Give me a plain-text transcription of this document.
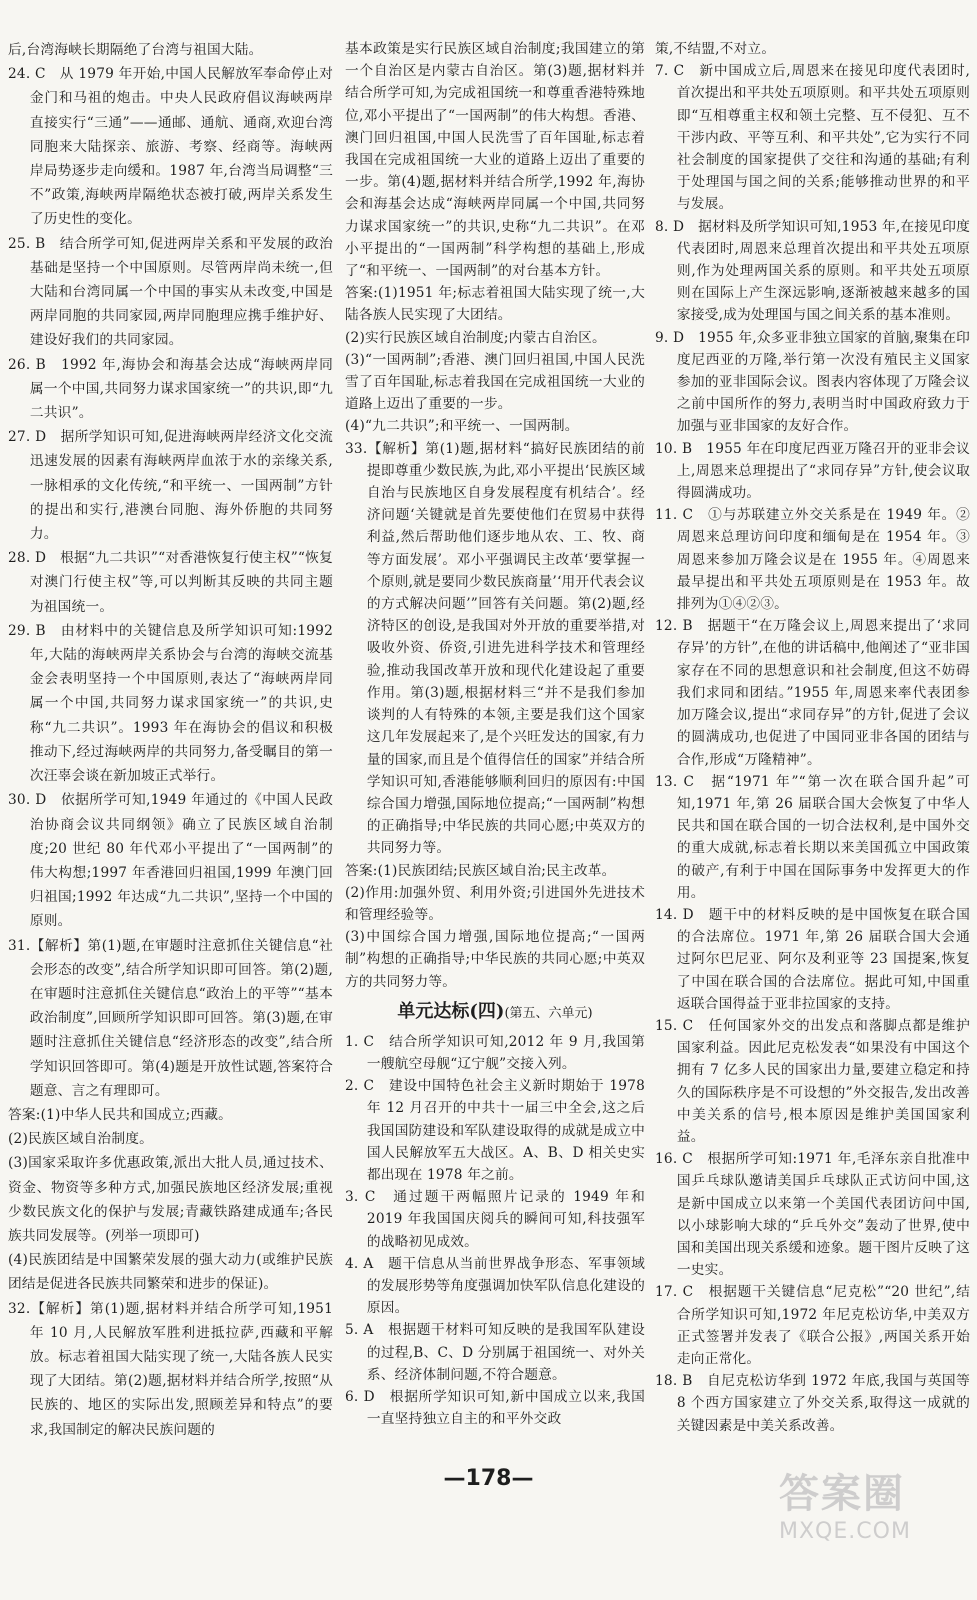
后,台湾海峡长期隔绝了台湾与祖国大陆。

24. C　从 1979 年开始,中国人民解放军奉命停止对金门和马祖的炮击。中央人民政府倡议海峡两岸直接实行“三通”——通邮、通航、通商,欢迎台湾同胞来大陆探亲、旅游、考察、经商等。海峡两岸局势逐步走向缓和。1987 年,台湾当局调整“三不”政策,海峡两岸隔绝状态被打破,两岸关系发生了历史性的变化。

25. B　结合所学可知,促进两岸关系和平发展的政治基础是坚持一个中国原则。尽管两岸尚未统一,但大陆和台湾同属一个中国的事实从未改变,中国是两岸同胞的共同家园,两岸同胞理应携手维护好、建设好我们的共同家园。

26. B　1992 年,海协会和海基会达成“海峡两岸同属一个中国,共同努力谋求国家统一”的共识,即“九二共识”。

27. D　据所学知识可知,促进海峡两岸经济文化交流迅速发展的因素有海峡两岸血浓于水的亲缘关系,一脉相承的文化传统,“和平统一、一国两制”方针的提出和实行,港澳台同胞、海外侨胞的共同努力。

28. D　根据“九二共识”“对香港恢复行使主权”“恢复对澳门行使主权”等,可以判断其反映的共同主题为祖国统一。

29. B　由材料中的关键信息及所学知识可知:1992 年,大陆的海峡两岸关系协会与台湾的海峡交流基金会表明坚持一个中国原则,表达了“海峡两岸同属一个中国,共同努力谋求国家统一”的共识,史称“九二共识”。1993 年在海协会的倡议和积极推动下,经过海峡两岸的共同努力,备受瞩目的第一次汪辜会谈在新加坡正式举行。

30. D　依据所学可知,1949 年通过的《中国人民政治协商会议共同纲领》确立了民族区域自治制度;20 世纪 80 年代邓小平提出了“一国两制”的伟大构想;1997 年香港回归祖国,1999 年澳门回归祖国;1992 年达成“九二共识”,坚持一个中国的原则。

31.【解析】第(1)题,在审题时注意抓住关键信息“社会形态的改变”,结合所学知识即可回答。第(2)题,在审题时注意抓住关键信息“政治上的平等”“基本政治制度”,回顾所学知识即可回答。第(3)题,在审题时注意抓住关键信息“经济形态的改变”,结合所学知识回答即可。第(4)题是开放性试题,答案符合题意、言之有理即可。

答案:(1)中华人民共和国成立;西藏。

(2)民族区域自治制度。

(3)国家采取许多优惠政策,派出大批人员,通过技术、资金、物资等多种方式,加强民族地区经济发展;重视少数民族文化的保护与发展;青藏铁路建成通车;各民族共同发展等。(列举一项即可)

(4)民族团结是中国繁荣发展的强大动力(或维护民族团结是促进各民族共同繁荣和进步的保证)。

32.【解析】第(1)题,据材料并结合所学可知,1951 年 10 月,人民解放军胜利进抵拉萨,西藏和平解放。标志着祖国大陆实现了统一,大陆各族人民实现了大团结。第(2)题,据材料并结合所学,按照“从民族的、地区的实际出发,照顾差异和特点”的要求,我国制定的解决民族问题的

基本政策是实行民族区域自治制度;我国建立的第一个自治区是内蒙古自治区。第(3)题,据材料并结合所学可知,为完成祖国统一和尊重香港特殊地位,邓小平提出了“一国两制”的伟大构想。香港、澳门回归祖国,中国人民洗雪了百年国耻,标志着我国在完成祖国统一大业的道路上迈出了重要的一步。第(4)题,据材料并结合所学,1992 年,海协会和海基会达成“海峡两岸同属一个中国,共同努力谋求国家统一”的共识,史称“九二共识”。在邓小平提出的“一国两制”科学构想的基础上,形成了“和平统一、一国两制”的对台基本方针。

答案:(1)1951 年;标志着祖国大陆实现了统一,大陆各族人民实现了大团结。

(2)实行民族区域自治制度;内蒙古自治区。

(3)“一国两制”;香港、澳门回归祖国,中国人民洗雪了百年国耻,标志着我国在完成祖国统一大业的道路上迈出了重要的一步。

(4)“九二共识”;和平统一、一国两制。

33.【解析】第(1)题,据材料“搞好民族团结的前提即尊重少数民族,为此,邓小平提出‘民族区域自治与民族地区自身发展程度有机结合’。经济问题‘关键就是首先要使他们在贸易中获得利益,然后帮助他们逐步地从农、工、牧、商等方面发展’。邓小平强调民主改革‘要掌握一个原则,就是要同少数民族商量’‘用开代表会议的方式解决问题’”回答有关问题。第(2)题,经济特区的创设,是我国对外开放的重要举措,对吸收外资、侨资,引进先进科学技术和管理经验,推动我国改革开放和现代化建设起了重要作用。第(3)题,根据材料三“并不是我们参加谈判的人有特殊的本领,主要是我们这个国家这几年发展起来了,是个兴旺发达的国家,有力量的国家,而且是个值得信任的国家”并结合所学知识可知,香港能够顺利回归的原因有:中国综合国力增强,国际地位提高;“一国两制”构想的正确指导;中华民族的共同心愿;中英双方的共同努力等。

答案:(1)民族团结;民族区域自治;民主改革。

(2)作用:加强外贸、利用外资;引进国外先进技术和管理经验等。

(3)中国综合国力增强,国际地位提高;“一国两制”构想的正确指导;中华民族的共同心愿;中英双方的共同努力等。

单元达标(四)(第五、六单元)

1. C　结合所学知识可知,2012 年 9 月,我国第一艘航空母舰“辽宁舰”交接入列。

2. C　建设中国特色社会主义新时期始于 1978 年 12 月召开的中共十一届三中全会,这之后我国国防建设和军队建设取得的成就是成立中国人民解放军五大战区。A、B、D 相关史实都出现在 1978 年之前。

3. C　通过题干两幅照片记录的 1949 年和 2019 年我国国庆阅兵的瞬间可知,科技强军的战略初见成效。

4. A　题干信息从当前世界战争形态、军事领域的发展形势等角度强调加快军队信息化建设的原因。

5. A　根据题干材料可知反映的是我国军队建设的过程,B、C、D 分别属于祖国统一、对外关系、经济体制问题,不符合题意。

6. D　根据所学知识可知,新中国成立以来,我国一直坚持独立自主的和平外交政

策,不结盟,不对立。

7. C　新中国成立后,周恩来在接见印度代表团时,首次提出和平共处五项原则。和平共处五项原则即“互相尊重主权和领土完整、互不侵犯、互不干涉内政、平等互利、和平共处”,它为实行不同社会制度的国家提供了交往和沟通的基础;有利于处理国与国之间的关系;能够推动世界的和平与发展。

8. D　据材料及所学知识可知,1953 年,在接见印度代表团时,周恩来总理首次提出和平共处五项原则,作为处理两国关系的原则。和平共处五项原则在国际上产生深远影响,逐渐被越来越多的国家接受,成为处理国与国之间关系的基本准则。

9. D　1955 年,众多亚非独立国家的首脑,聚集在印度尼西亚的万隆,举行第一次没有殖民主义国家参加的亚非国际会议。图表内容体现了万隆会议之前中国所作的努力,表明当时中国政府致力于加强与亚非国家的友好合作。

10. B　1955 年在印度尼西亚万隆召开的亚非会议上,周恩来总理提出了“求同存异”方针,使会议取得圆满成功。

11. C　①与苏联建立外交关系是在 1949 年。②周恩来总理访问印度和缅甸是在 1954 年。③周恩来参加万隆会议是在 1955 年。④周恩来最早提出和平共处五项原则是在 1953 年。故排列为①④②③。

12. B　据题干“在万隆会议上,周恩来提出了‘求同存异’的方针”,在他的讲话稿中,他阐述了“亚非国家存在不同的思想意识和社会制度,但这不妨碍我们求同和团结。”1955 年,周恩来率代表团参加万隆会议,提出“求同存异”的方针,促进了会议的圆满成功,也促进了中国同亚非各国的团结与合作,形成“万隆精神”。

13. C　据“1971 年”“第一次在联合国升起”可知,1971 年,第 26 届联合国大会恢复了中华人民共和国在联合国的一切合法权利,是中国外交的重大成就,标志着长期以来美国孤立中国政策的破产,有利于中国在国际事务中发挥更大的作用。

14. D　题干中的材料反映的是中国恢复在联合国的合法席位。1971 年,第 26 届联合国大会通过阿尔巴尼亚、阿尔及利亚等 23 国提案,恢复了中国在联合国的合法席位。据此可知,中国重返联合国得益于亚非拉国家的支持。

15. C　任何国家外交的出发点和落脚点都是维护国家利益。因此尼克松发表“如果没有中国这个拥有 7 亿多人民的国家出力量,要建立稳定和持久的国际秩序是不可设想的”外交报告,发出改善中美关系的信号,根本原因是维护美国国家利益。

16. C　根据所学可知:1971 年,毛泽东亲自批准中国乒乓球队邀请美国乒乓球队正式访问中国,这是新中国成立以来第一个美国代表团访问中国,以小球影响大球的“乒乓外交”轰动了世界,使中国和美国出现关系缓和迹象。题干图片反映了这一史实。

17. C　根据题干关键信息“尼克松”“20 世纪”,结合所学知识可知,1972 年尼克松访华,中美双方正式签署并发表了《联合公报》,两国关系开始走向正常化。

18. B　自尼克松访华到 1972 年底,我国与英国等 8 个西方国家建立了外交关系,取得这一成就的关键因素是中美关系改善。

—178—	答案圈
MXQE.COM
